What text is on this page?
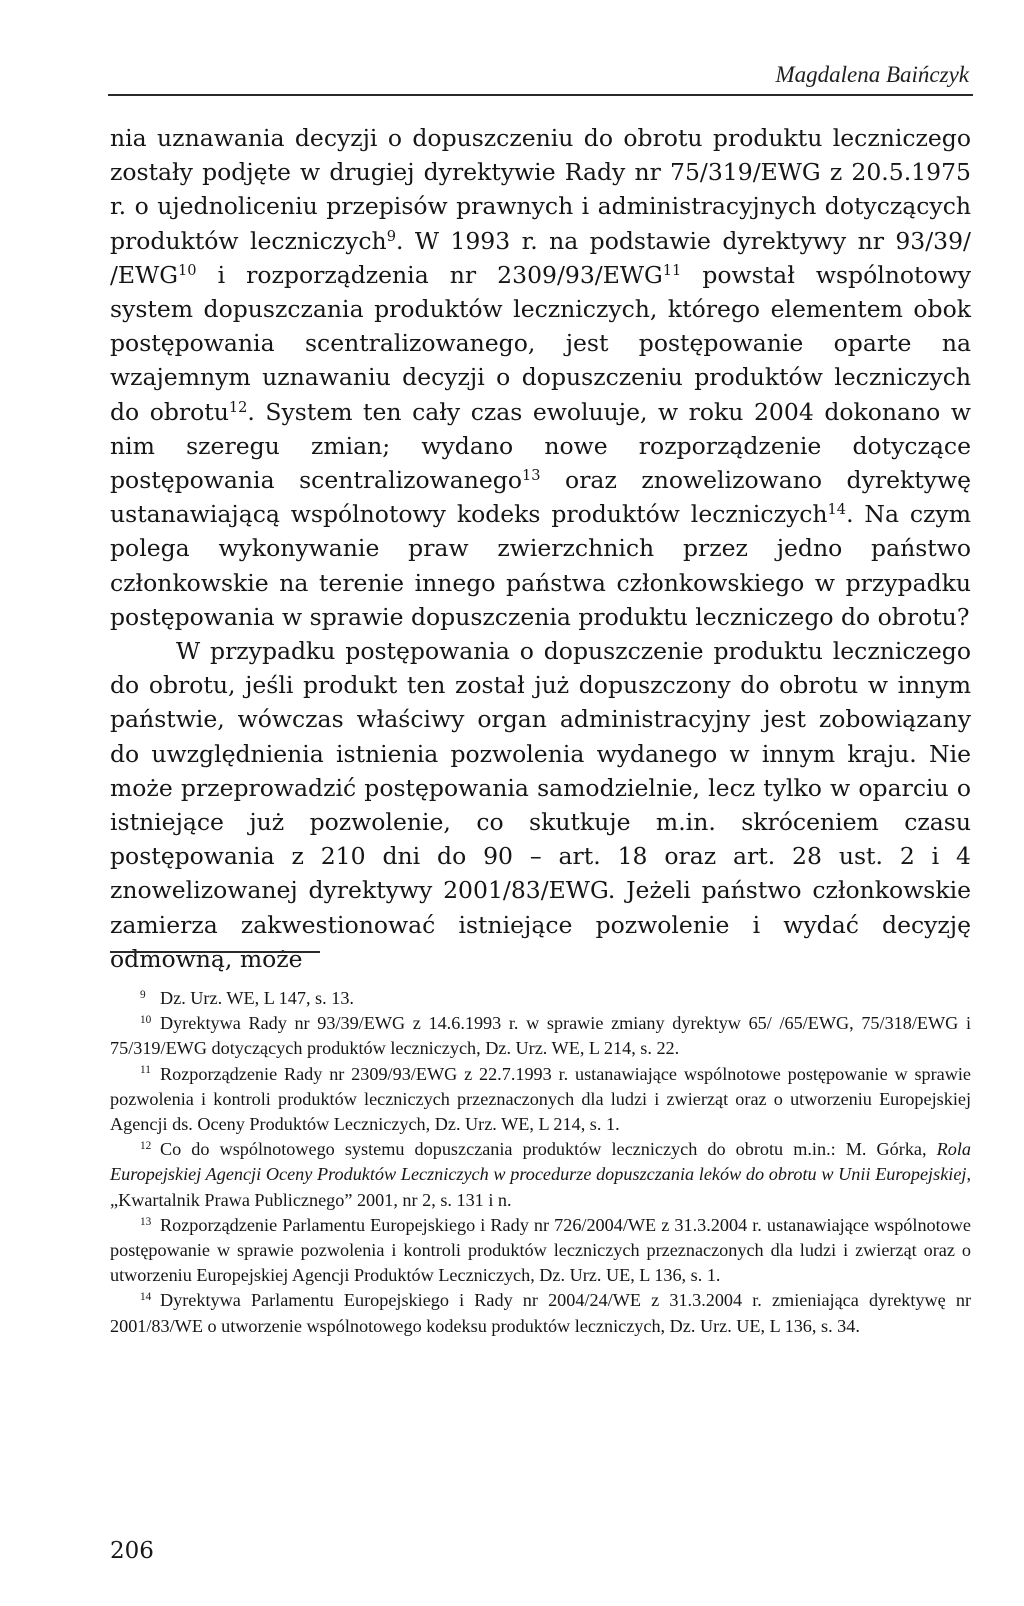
Magdalena Baińczyk

nia uznawania decyzji o dopuszczeniu do obrotu produktu leczniczego zostały podjęte w drugiej dyrektywie Rady nr 75/319/EWG z 20.5.1975 r. o ujednoliceniu przepisów prawnych i administracyjnych dotyczących produktów leczniczych$^9$. W 1993 r. na podstawie dyrektywy nr 93/39/ /EWG$^{10}$ i rozporządzenia nr 2309/93/EWG$^{11}$ powstał wspólnotowy system dopuszczania produktów leczniczych, którego elementem obok postępowania scentralizowanego, jest postępowanie oparte na wzajemnym uznawaniu decyzji o dopuszczeniu produktów leczniczych do obrotu$^{12}$. System ten cały czas ewoluuje, w roku 2004 dokonano w nim szeregu zmian; wydano nowe rozporządzenie dotyczące postępowania scentralizowanego$^{13}$ oraz znowelizowano dyrektywę ustanawiającą wspólnotowy kodeks produktów leczniczych$^{14}$. Na czym polega wykonywanie praw zwierzchnich przez jedno państwo członkowskie na terenie innego państwa członkowskiego w przypadku postępowania w sprawie dopuszczenia produktu leczniczego do obrotu?

W przypadku postępowania o dopuszczenie produktu leczniczego do obrotu, jeśli produkt ten został już dopuszczony do obrotu w innym państwie, wówczas właściwy organ administracyjny jest zobowiązany do uwzględnienia istnienia pozwolenia wydanego w innym kraju. Nie może przeprowadzić postępowania samodzielnie, lecz tylko w oparciu o istniejące już pozwolenie, co skutkuje m.in. skróceniem czasu postępowania z 210 dni do 90 – art. 18 oraz art. 28 ust. 2 i 4 znowelizowanej dyrektywy 2001/83/EWG. Jeżeli państwo członkowskie zamierza zakwestionować istniejące pozwolenie i wydać decyzję odmowną, może

$^9$ Dz. Urz. WE, L 147, s. 13.

$^{10}$ Dyrektywa Rady nr 93/39/EWG z 14.6.1993 r. w sprawie zmiany dyrektyw 65/ /65/EWG, 75/318/EWG i 75/319/EWG dotyczących produktów leczniczych, Dz. Urz. WE, L 214, s. 22.

$^{11}$ Rozporządzenie Rady nr 2309/93/EWG z 22.7.1993 r. ustanawiające wspólnotowe postępowanie w sprawie pozwolenia i kontroli produktów leczniczych przeznaczonych dla ludzi i zwierząt oraz o utworzeniu Europejskiej Agencji ds. Oceny Produktów Leczniczych, Dz. Urz. WE, L 214, s. 1.

$^{12}$ Co do wspólnotowego systemu dopuszczania produktów leczniczych do obrotu m.in.: M. Górka, Rola Europejskiej Agencji Oceny Produktów Leczniczych w procedurze dopuszczania leków do obrotu w Unii Europejskiej, „Kwartalnik Prawa Publicznego” 2001, nr 2, s. 131 i n.

$^{13}$ Rozporządzenie Parlamentu Europejskiego i Rady nr 726/2004/WE z 31.3.2004 r. ustanawiające wspólnotowe postępowanie w sprawie pozwolenia i kontroli produktów leczniczych przeznaczonych dla ludzi i zwierząt oraz o utworzeniu Europejskiej Agencji Produktów Leczniczych, Dz. Urz. UE, L 136, s. 1.

$^{14}$ Dyrektywa Parlamentu Europejskiego i Rady nr 2004/24/WE z 31.3.2004 r. zmieniająca dyrektywę nr 2001/83/WE o utworzenie wspólnotowego kodeksu produktów leczniczych, Dz. Urz. UE, L 136, s. 34.

206
